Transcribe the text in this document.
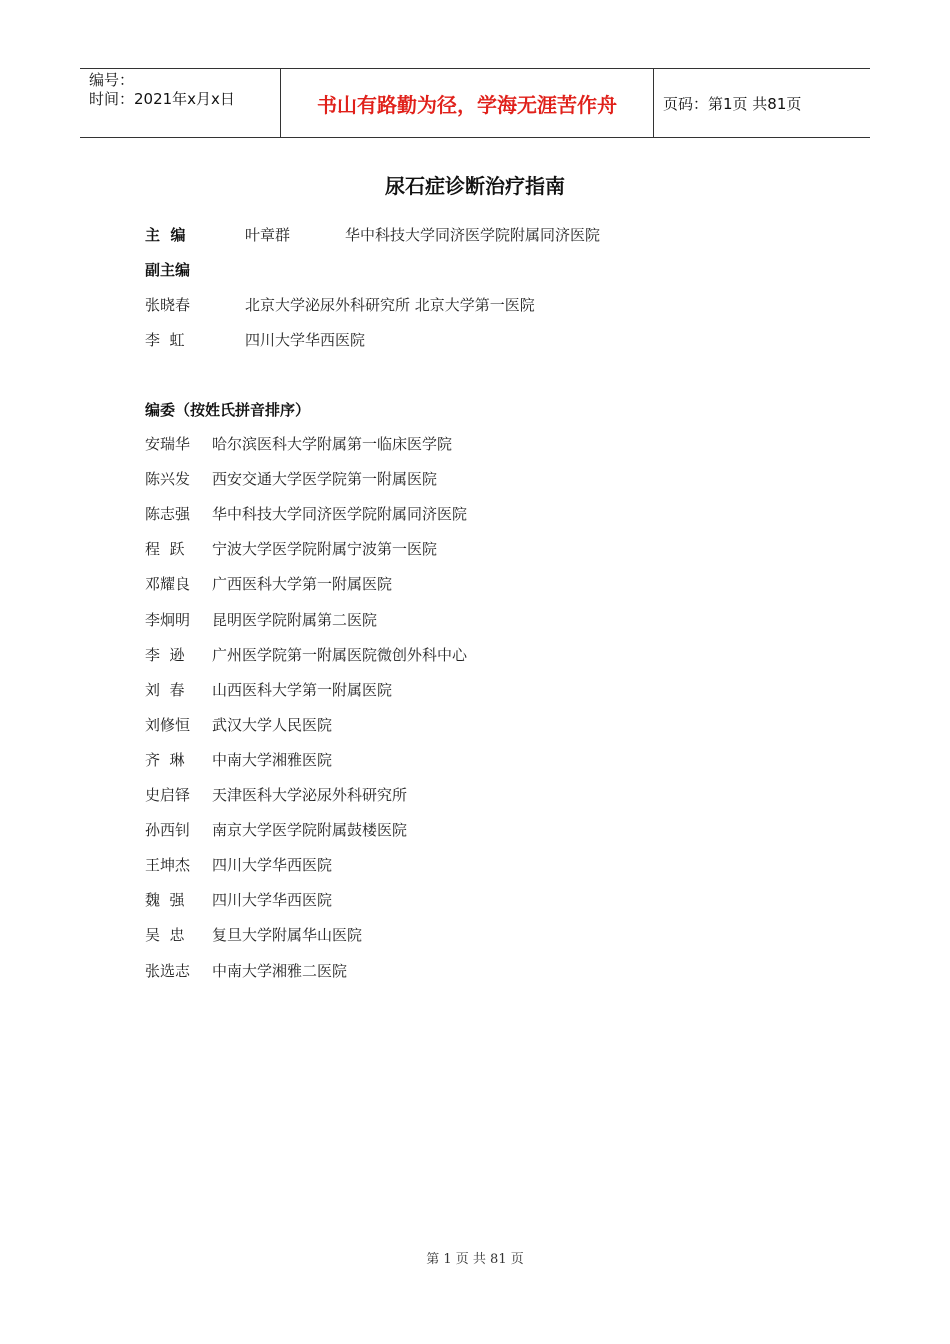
编号：
时间：2021年x月x日	书山有路勤为径，学海无涯苦作舟	页码：第1页 共81页
尿石症诊断治疗指南
主  编	叶章群	华中科技大学同济医学院附属同济医院
副主编
张晓春	北京大学泌尿外科研究所 北京大学第一医院
李  虹	四川大学华西医院
编委（按姓氏拼音排序）
安瑞华 哈尔滨医科大学附属第一临床医学院
陈兴发 西安交通大学医学院第一附属医院
陈志强 华中科技大学同济医学院附属同济医院
程  跃 宁波大学医学院附属宁波第一医院
邓耀良 广西医科大学第一附属医院
李炯明 昆明医学院附属第二医院
李  逊 广州医学院第一附属医院微创外科中心
刘  春 山西医科大学第一附属医院
刘修恒 武汉大学人民医院
齐  琳 中南大学湘雅医院
史启铎 天津医科大学泌尿外科研究所
孙西钊 南京大学医学院附属鼓楼医院
王坤杰 四川大学华西医院
魏  强 四川大学华西医院
吴  忠 复旦大学附属华山医院
张选志 中南大学湘雅二医院
第 1 页 共 81 页
